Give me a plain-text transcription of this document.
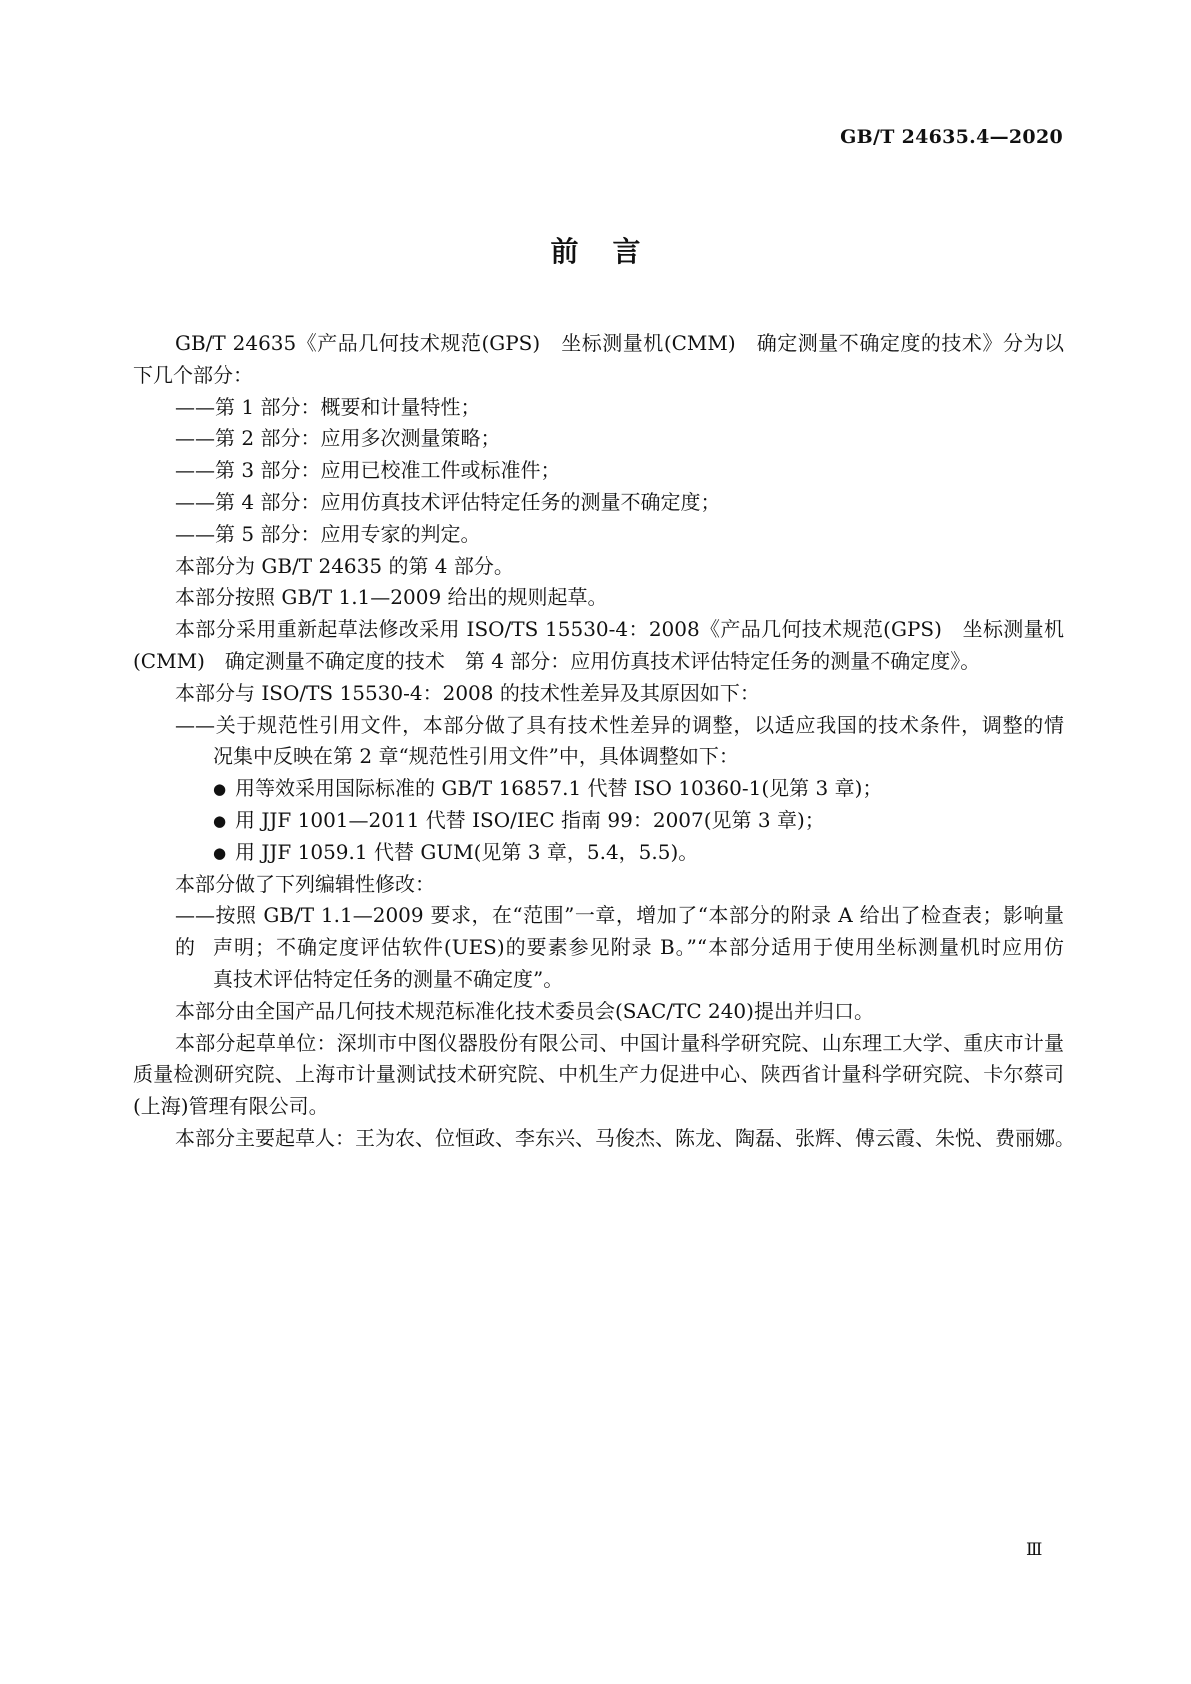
GB/T 24635.4—2020
前言
GB/T 24635《产品几何技术规范(GPS)　坐标测量机(CMM)　确定测量不确定度的技术》分为以
下几个部分：
——第 1 部分：概要和计量特性；
——第 2 部分：应用多次测量策略；
——第 3 部分：应用已校准工件或标准件；
——第 4 部分：应用仿真技术评估特定任务的测量不确定度；
——第 5 部分：应用专家的判定。
本部分为 GB/T 24635 的第 4 部分。
本部分按照 GB/T 1.1—2009 给出的规则起草。
本部分采用重新起草法修改采用 ISO/TS 15530-4：2008《产品几何技术规范(GPS)　坐标测量机
(CMM)　确定测量不确定度的技术　第 4 部分：应用仿真技术评估特定任务的测量不确定度》。
本部分与 ISO/TS 15530-4：2008 的技术性差异及其原因如下：
——关于规范性引用文件，本部分做了具有技术性差异的调整，以适应我国的技术条件，调整的情
况集中反映在第 2 章“规范性引用文件”中，具体调整如下：
● 用等效采用国际标准的 GB/T 16857.1 代替 ISO 10360-1(见第 3 章)；
● 用 JJF 1001—2011 代替 ISO/IEC 指南 99：2007(见第 3 章)；
● 用 JJF 1059.1 代替 GUM(见第 3 章，5.4，5.5)。
本部分做了下列编辑性修改：
——按照 GB/T 1.1—2009 要求，在“范围”一章，增加了“本部分的附录 A 给出了检查表；影响量的 声明；不确定度评估软件(UES)的要素参见附录 B。”“本部分适用于使用坐标测量机时应用仿
真技术评估特定任务的测量不确定度”。
本部分由全国产品几何技术规范标准化技术委员会(SAC/TC 240)提出并归口。
本部分起草单位：深圳市中图仪器股份有限公司、中国计量科学研究院、山东理工大学、重庆市计量
质量检测研究院、上海市计量测试技术研究院、中机生产力促进中心、陕西省计量科学研究院、卡尔蔡司
(上海)管理有限公司。
本部分主要起草人：王为农、位恒政、李东兴、马俊杰、陈龙、陶磊、张辉、傅云霞、朱悦、费丽娜。
Ⅲ
